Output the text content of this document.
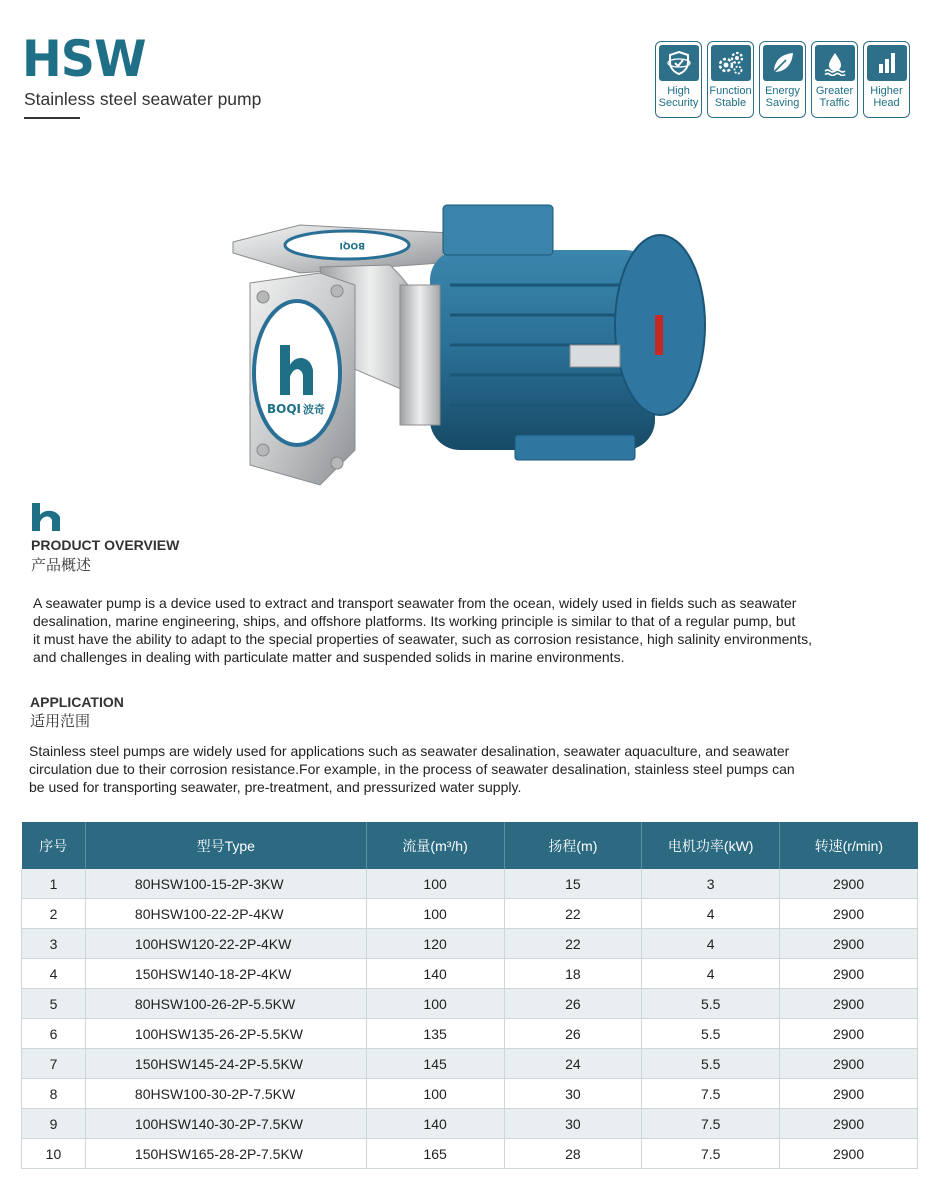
HSW
Stainless steel seawater pump	High
Security
Function
Stable
Energy
Saving
Greater
Traffic
Higher
Head
BOQI
BOQI 波奇
PRODUCT OVERVIEW
产品概述

A seawater pump is a device used to extract and transport seawater from the ocean, widely used in fields such as seawater
desalination, marine engineering, ships, and offshore platforms. Its working principle is similar to that of a regular pump, but
it must have the ability to adapt to the special properties of seawater, such as corrosion resistance, high salinity environments,
and challenges in dealing with particulate matter and suspended solids in marine environments.

APPLICATION
适用范围

Stainless steel pumps are widely used for applications such as seawater desalination, seawater aquaculture, and seawater
circulation due to their corrosion resistance.For example, in the process of seawater desalination, stainless steel pumps can
be used for transporting seawater, pre-treatment, and pressurized water supply.

序号	型号Type	流量(m³/h)	扬程(m)	电机功率(kW)	转速(r/min)
1	80HSW100-15-2P-3KW	100	15	3	2900
2	80HSW100-22-2P-4KW	100	22	4	2900
3	100HSW120-22-2P-4KW	120	22	4	2900
4	150HSW140-18-2P-4KW	140	18	4	2900
5	80HSW100-26-2P-5.5KW	100	26	5.5	2900
6	100HSW135-26-2P-5.5KW	135	26	5.5	2900
7	150HSW145-24-2P-5.5KW	145	24	5.5	2900
8	80HSW100-30-2P-7.5KW	100	30	7.5	2900
9	100HSW140-30-2P-7.5KW	140	30	7.5	2900
10	150HSW165-28-2P-7.5KW	165	28	7.5	2900
